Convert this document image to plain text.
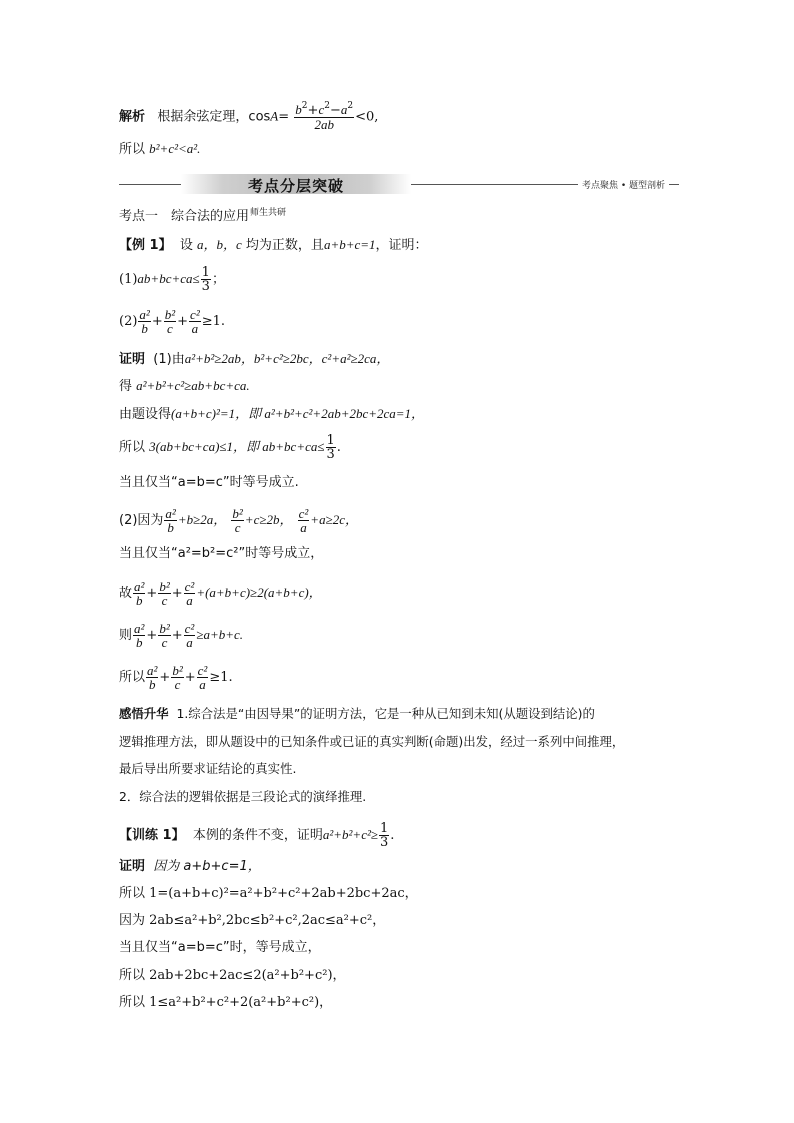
解析 根据余弦定理，$\cos A= \frac{b^2+c^2-a^2}{2ab} <0$,
所以 b²+c²<a².
考点分层突破	考点聚焦 • 题型剖析
考点一　综合法的应用师生共研
【例 1】 设 a，b，c 均为正数，且a+b+c=1，证明：
$(1)ab+bc+ca\le \frac{1}{3}$ ；
$(2) \frac{\text{a²}}{b} + \frac{\text{b²}}{c} + \frac{\text{c²}}{a} \ge 1$.
证明 (1)由a²+b²≥2ab，b²+c²≥2bc，c²+a²≥2ca，
得 a²+b²+c²≥ab+bc+ca.
由题设得(a+b+c)²=1，即 a²+b²+c²+2ab+2bc+2ca=1，
所以 3(ab+bc+ca)≤1，即 $ab+bc+ca\le \frac{1}{3}$ .
当且仅当“a=b=c”时等号成立.
(2)因为 $\frac{\text{a²}}{b} +b\ge 2a$， $\frac{\text{b²}}{c} +c\ge 2b$， $\frac{\text{c²}}{a} +a\ge 2c$，
当且仅当“a²=b²=c²”时等号成立，
故 $\frac{\text{a²}}{b} + \frac{\text{b²}}{c} + \frac{\text{c²}}{a} +(a+b+c)\ge 2(a+b+c)$，
则 $\frac{\text{a²}}{b} + \frac{\text{b²}}{c} + \frac{\text{c²}}{a} \ge a+b+c$.
所以 $\frac{\text{a²}}{b} + \frac{\text{b²}}{c} + \frac{\text{c²}}{a} \ge 1$.
感悟升华 1.综合法是“由因导果”的证明方法，它是一种从已知到未知(从题设到结论)的
逻辑推理方法，即从题设中的已知条件或已证的真实判断(命题)出发，经过一系列中间推理，
最后导出所要求证结论的真实性.
2．综合法的逻辑依据是三段论式的演绎推理.
【训练 1】 本例的条件不变，证明$a^2+b^2+c^2\ge \frac{1}{3}$ .
证明 因为 a+b+c=1，
所以 1=(a+b+c)²=a²+b²+c²+2ab+2bc+2ac，
因为 2ab≤a²+b²,2bc≤b²+c²,2ac≤a²+c²，
当且仅当“a=b=c”时，等号成立，
所以 2ab+2bc+2ac≤2(a²+b²+c²)，
所以 1≤a²+b²+c²+2(a²+b²+c²)，
